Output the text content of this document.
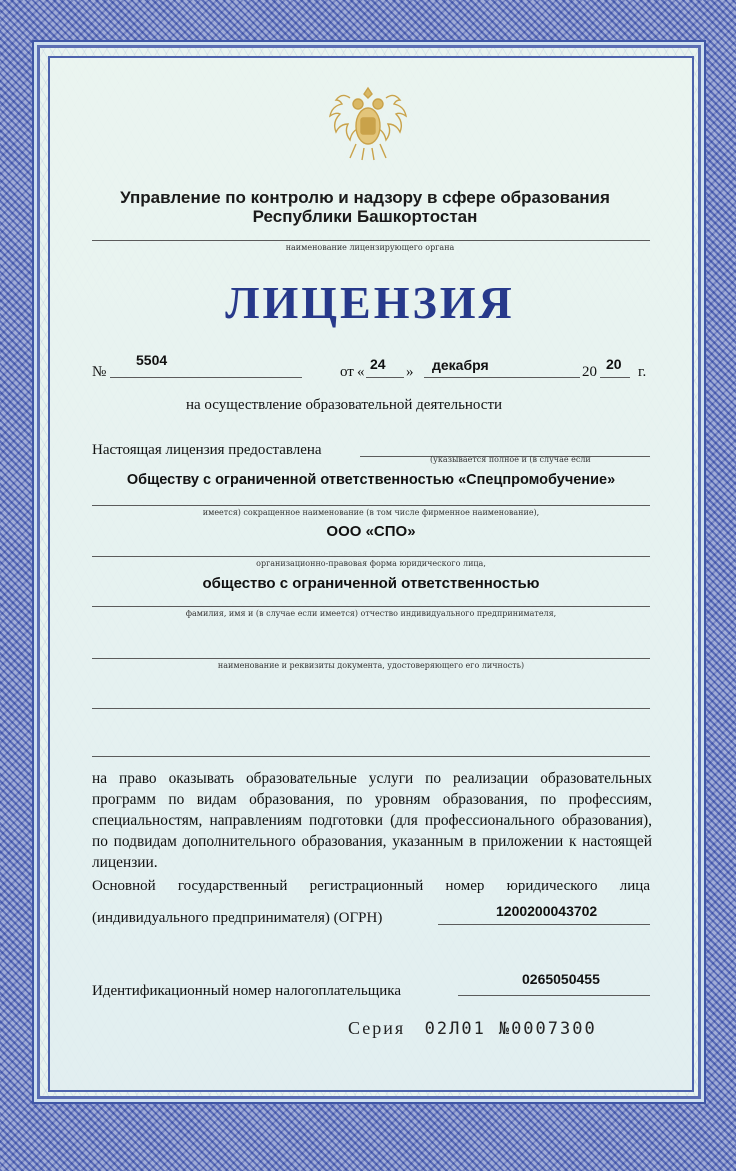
Управление по контролю и надзору в сфере образования
Республики Башкортостан
наименование лицензирующего органа
ЛИЦЕНЗИЯ
№
5504
от « 24 » декабря	20 20 г.
на осуществление образовательной деятельности
Настоящая лицензия предоставлена
(указывается полное и (в случае если
Обществу с ограниченной ответственностью «Спецпромобучение»
имеется) сокращенное наименование (в том числе фирменное наименование),
ООО «СПО»
организационно-правовая форма юридического лица,
общество с ограниченной ответственностью
фамилия, имя и (в случае если имеется) отчество индивидуального предпринимателя,
наименование и реквизиты документа, удостоверяющего его личность)
на право оказывать образовательные услуги по реализации образовательных программ по видам образования, по уровням образования, по профессиям, специальностям, направлениям подготовки (для профессионального образования), по подвидам дополнительного образования, указанным в приложении к настоящей лицензии.
Основной государственный регистрационный номер юридического лица
(индивидуального предпринимателя) (ОГРН)	1200200043702
Идентификационный номер налогоплательщика
0265050455
Серия 02Л01 №0007300
